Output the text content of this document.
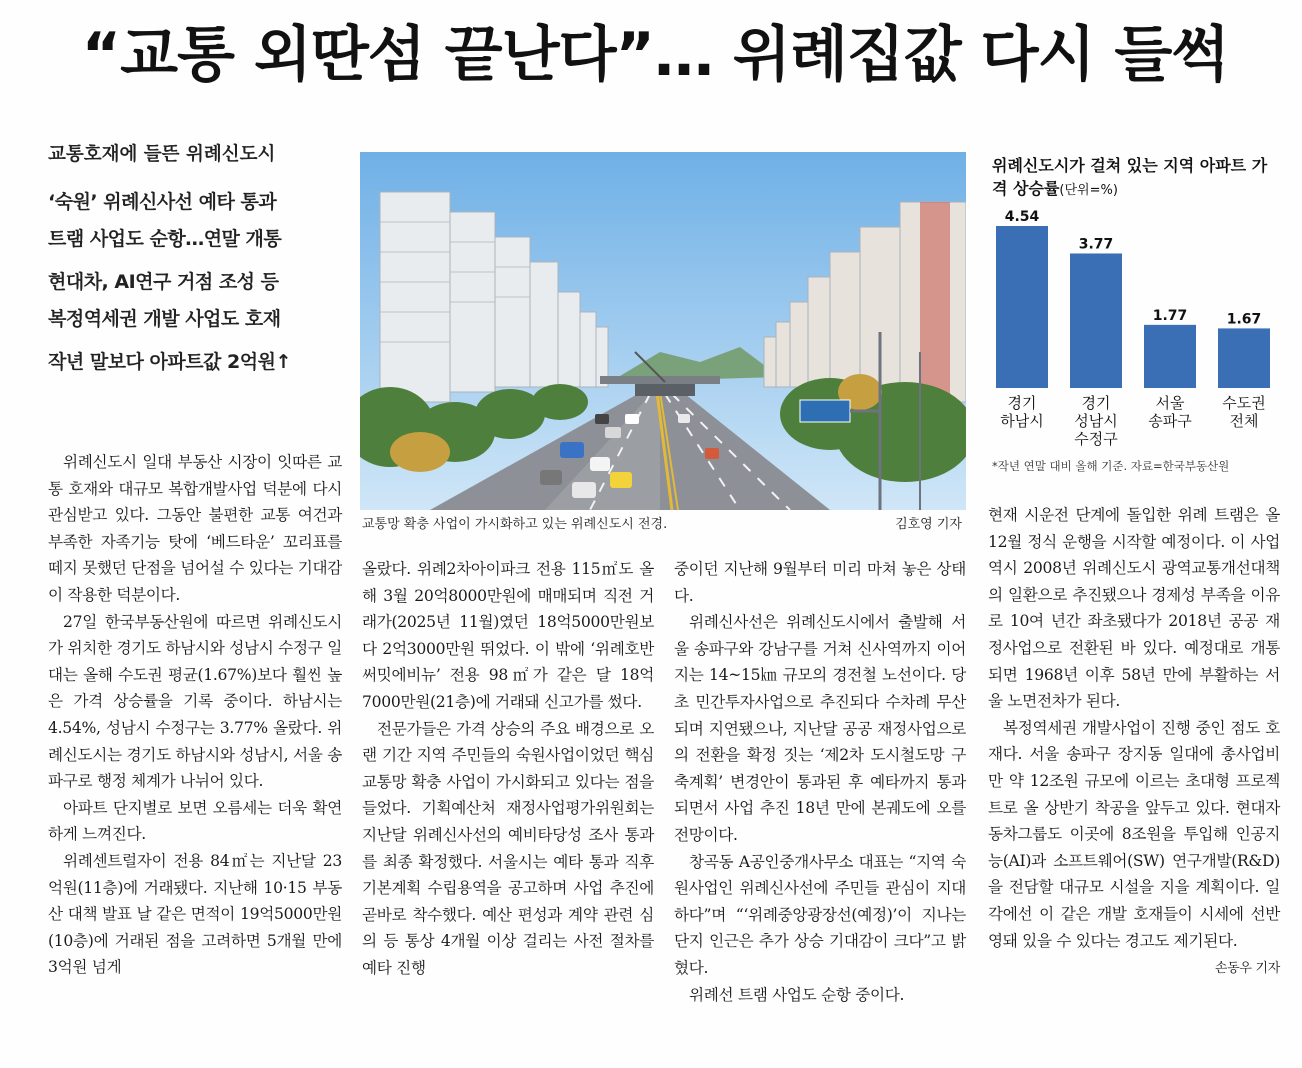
“교통 외딴섬 끝난다”… 위례집값 다시 들썩
교통호재에 들뜬 위례신도시
‘숙원’ 위례신사선 예타 통과
트램 사업도 순항…연말 개통
현대차, AI연구 거점 조성 등
복정역세권 개발 사업도 호재
작년 말보다 아파트값 2억원↑
교통망 확충 사업이 가시화하고 있는 위례신도시 전경.	김호영 기자
위례신도시가 걸쳐 있는 지역 아파트 가격 상승률(단위=%)
4.54
경기
하남시
3.77
경기
성남시
수정구
1.77
서울
송파구
1.67
수도권
전체
*작년 연말 대비 올해 기준. 자료=한국부동산원

위례신도시 일대 부동산 시장이 잇따른 교통 호재와 대규모 복합개발사업 덕분에 다시 관심받고 있다. 그동안 불편한 교통 여건과 부족한 자족기능 탓에 ‘베드타운’ 꼬리표를 떼지 못했던 단점을 넘어설 수 있다는 기대감이 작용한 덕분이다.

27일 한국부동산원에 따르면 위례신도시가 위치한 경기도 하남시와 성남시 수정구 일대는 올해 수도권 평균(1.67%)보다 훨씬 높은 가격 상승률을 기록 중이다. 하남시는 4.54%, 성남시 수정구는 3.77% 올랐다. 위례신도시는 경기도 하남시와 성남시, 서울 송파구로 행정 체계가 나뉘어 있다.

아파트 단지별로 보면 오름세는 더욱 확연하게 느껴진다.

위례센트럴자이 전용 84㎡는 지난달 23억원(11층)에 거래됐다. 지난해 10·15 부동산 대책 발표 날 같은 면적이 19억5000만원(10층)에 거래된 점을 고려하면 5개월 만에 3억원 넘게

올랐다. 위례2차아이파크 전용 115㎡도 올해 3월 20억8000만원에 매매되며 직전 거래가(2025년 11월)였던 18억5000만원보다 2억3000만원 뛰었다. 이 밖에 ‘위례호반써밋에비뉴’ 전용 98㎡가 같은 달 18억7000만원(21층)에 거래돼 신고가를 썼다.

전문가들은 가격 상승의 주요 배경으로 오랜 기간 지역 주민들의 숙원사업이었던 핵심 교통망 확충 사업이 가시화되고 있다는 점을 들었다. 기획예산처 재정사업평가위원회는 지난달 위례신사선의 예비타당성 조사 통과를 최종 확정했다. 서울시는 예타 통과 직후 기본계획 수립용역을 공고하며 사업 추진에 곧바로 착수했다. 예산 편성과 계약 관련 심의 등 통상 4개월 이상 걸리는 사전 절차를 예타 진행

중이던 지난해 9월부터 미리 마쳐 놓은 상태다.

위례신사선은 위례신도시에서 출발해 서울 송파구와 강남구를 거쳐 신사역까지 이어지는 14~15㎞ 규모의 경전철 노선이다. 당초 민간투자사업으로 추진되다 수차례 무산되며 지연됐으나, 지난달 공공 재정사업으로의 전환을 확정 짓는 ‘제2차 도시철도망 구축계획’ 변경안이 통과된 후 예타까지 통과되면서 사업 추진 18년 만에 본궤도에 오를 전망이다.

창곡동 A공인중개사무소 대표는 “지역 숙원사업인 위례신사선에 주민들 관심이 지대하다”며 “‘위례중앙광장선(예정)’이 지나는 단지 인근은 추가 상승 기대감이 크다”고 밝혔다.

위례선 트램 사업도 순항 중이다.

현재 시운전 단계에 돌입한 위례 트램은 올 12월 정식 운행을 시작할 예정이다. 이 사업 역시 2008년 위례신도시 광역교통개선대책의 일환으로 추진됐으나 경제성 부족을 이유로 10여 년간 좌초됐다가 2018년 공공 재정사업으로 전환된 바 있다. 예정대로 개통되면 1968년 이후 58년 만에 부활하는 서울 노면전차가 된다.

복정역세권 개발사업이 진행 중인 점도 호재다. 서울 송파구 장지동 일대에 총사업비만 약 12조원 규모에 이르는 초대형 프로젝트로 올 상반기 착공을 앞두고 있다. 현대자동차그룹도 이곳에 8조원을 투입해 인공지능(AI)과 소프트웨어(SW) 연구개발(R&D)을 전담할 대규모 시설을 지을 계획이다. 일각에선 이 같은 개발 호재들이 시세에 선반영돼 있을 수 있다는 경고도 제기된다.

손동우 기자
